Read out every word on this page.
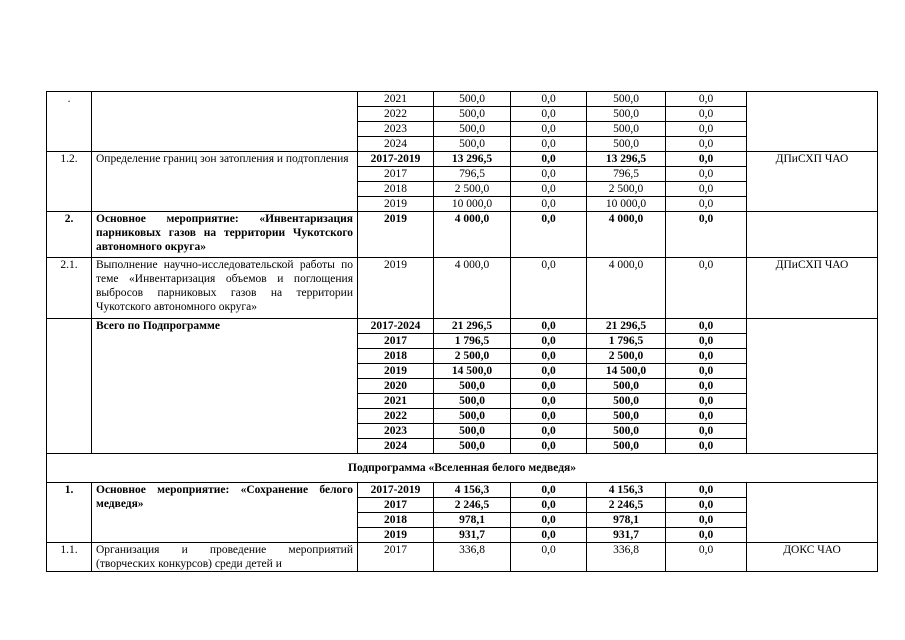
.		2021	500,0	0,0	500,0	0,0	
		2022	500,0	0,0	500,0	0,0	
		2023	500,0	0,0	500,0	0,0	
		2024	500,0	0,0	500,0	0,0	
1.2.	Определение границ зон затопления и подтопления	2017-2019	13 296,5	0,0	13 296,5	0,0	ДПиСХП ЧАО
		2017	796,5	0,0	796,5	0,0	
		2018	2 500,0	0,0	2 500,0	0,0	
		2019	10 000,0	0,0	10 000,0	0,0	
2.	Основное мероприятие: «Инвентаризация парниковых газов на территории Чукотского автономного округа»	2019	4 000,0	0,0	4 000,0	0,0	
2.1.	Выполнение научно-исследовательской работы по теме «Инвентаризация объемов и поглощения выбросов парниковых газов на территории Чукотского автономного округа»	2019	4 000,0	0,0	4 000,0	0,0	ДПиСХП ЧАО
	Всего по Подпрограмме	2017-2024	21 296,5	0,0	21 296,5	0,0	
		2017	1 796,5	0,0	1 796,5	0,0	
		2018	2 500,0	0,0	2 500,0	0,0	
		2019	14 500,0	0,0	14 500,0	0,0	
		2020	500,0	0,0	500,0	0,0	
		2021	500,0	0,0	500,0	0,0	
		2022	500,0	0,0	500,0	0,0	
		2023	500,0	0,0	500,0	0,0	
		2024	500,0	0,0	500,0	0,0	
Подпрограмма «Вселенная белого медведя»							
1.	Основное мероприятие: «Сохранение белого медведя»	2017-2019	4 156,3	0,0	4 156,3	0,0	
		2017	2 246,5	0,0	2 246,5	0,0	
		2018	978,1	0,0	978,1	0,0	
		2019	931,7	0,0	931,7	0,0	
1.1.	Организация и проведение мероприятий (творческих конкурсов) среди детей и	2017	336,8	0,0	336,8	0,0	ДОКС ЧАО
